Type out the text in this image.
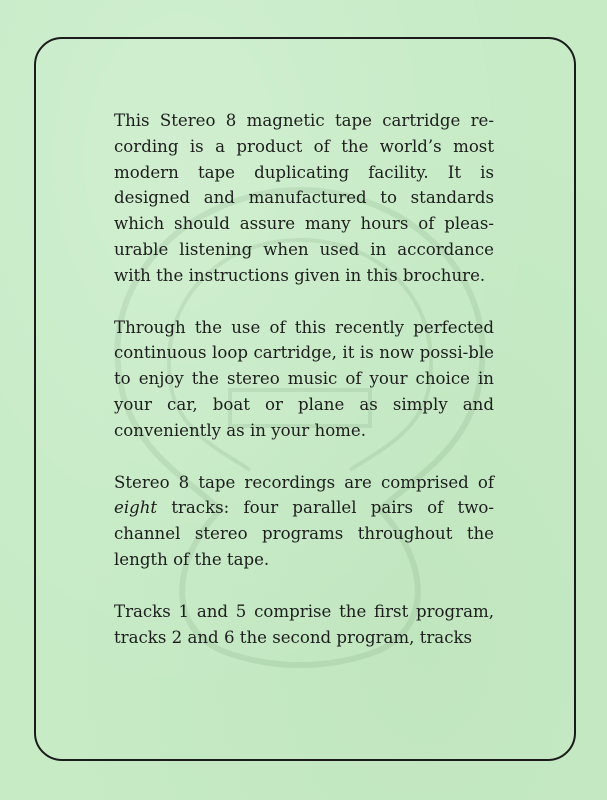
This Stereo 8 magnetic tape cartridge re-cording is a product of the world’s most modern tape duplicating facility. It is designed and manufactured to standards which should assure many hours of pleas-urable listening when used in accordance with the instructions given in this brochure.

Through the use of this recently perfected continuous loop cartridge, it is now possi-ble to enjoy the stereo music of your choice in your car, boat or plane as simply and conveniently as in your home.

Stereo 8 tape recordings are comprised of eight tracks: four parallel pairs of two-channel stereo programs throughout the length of the tape.

Tracks 1 and 5 comprise the first program, tracks 2 and 6 the second program, tracks
